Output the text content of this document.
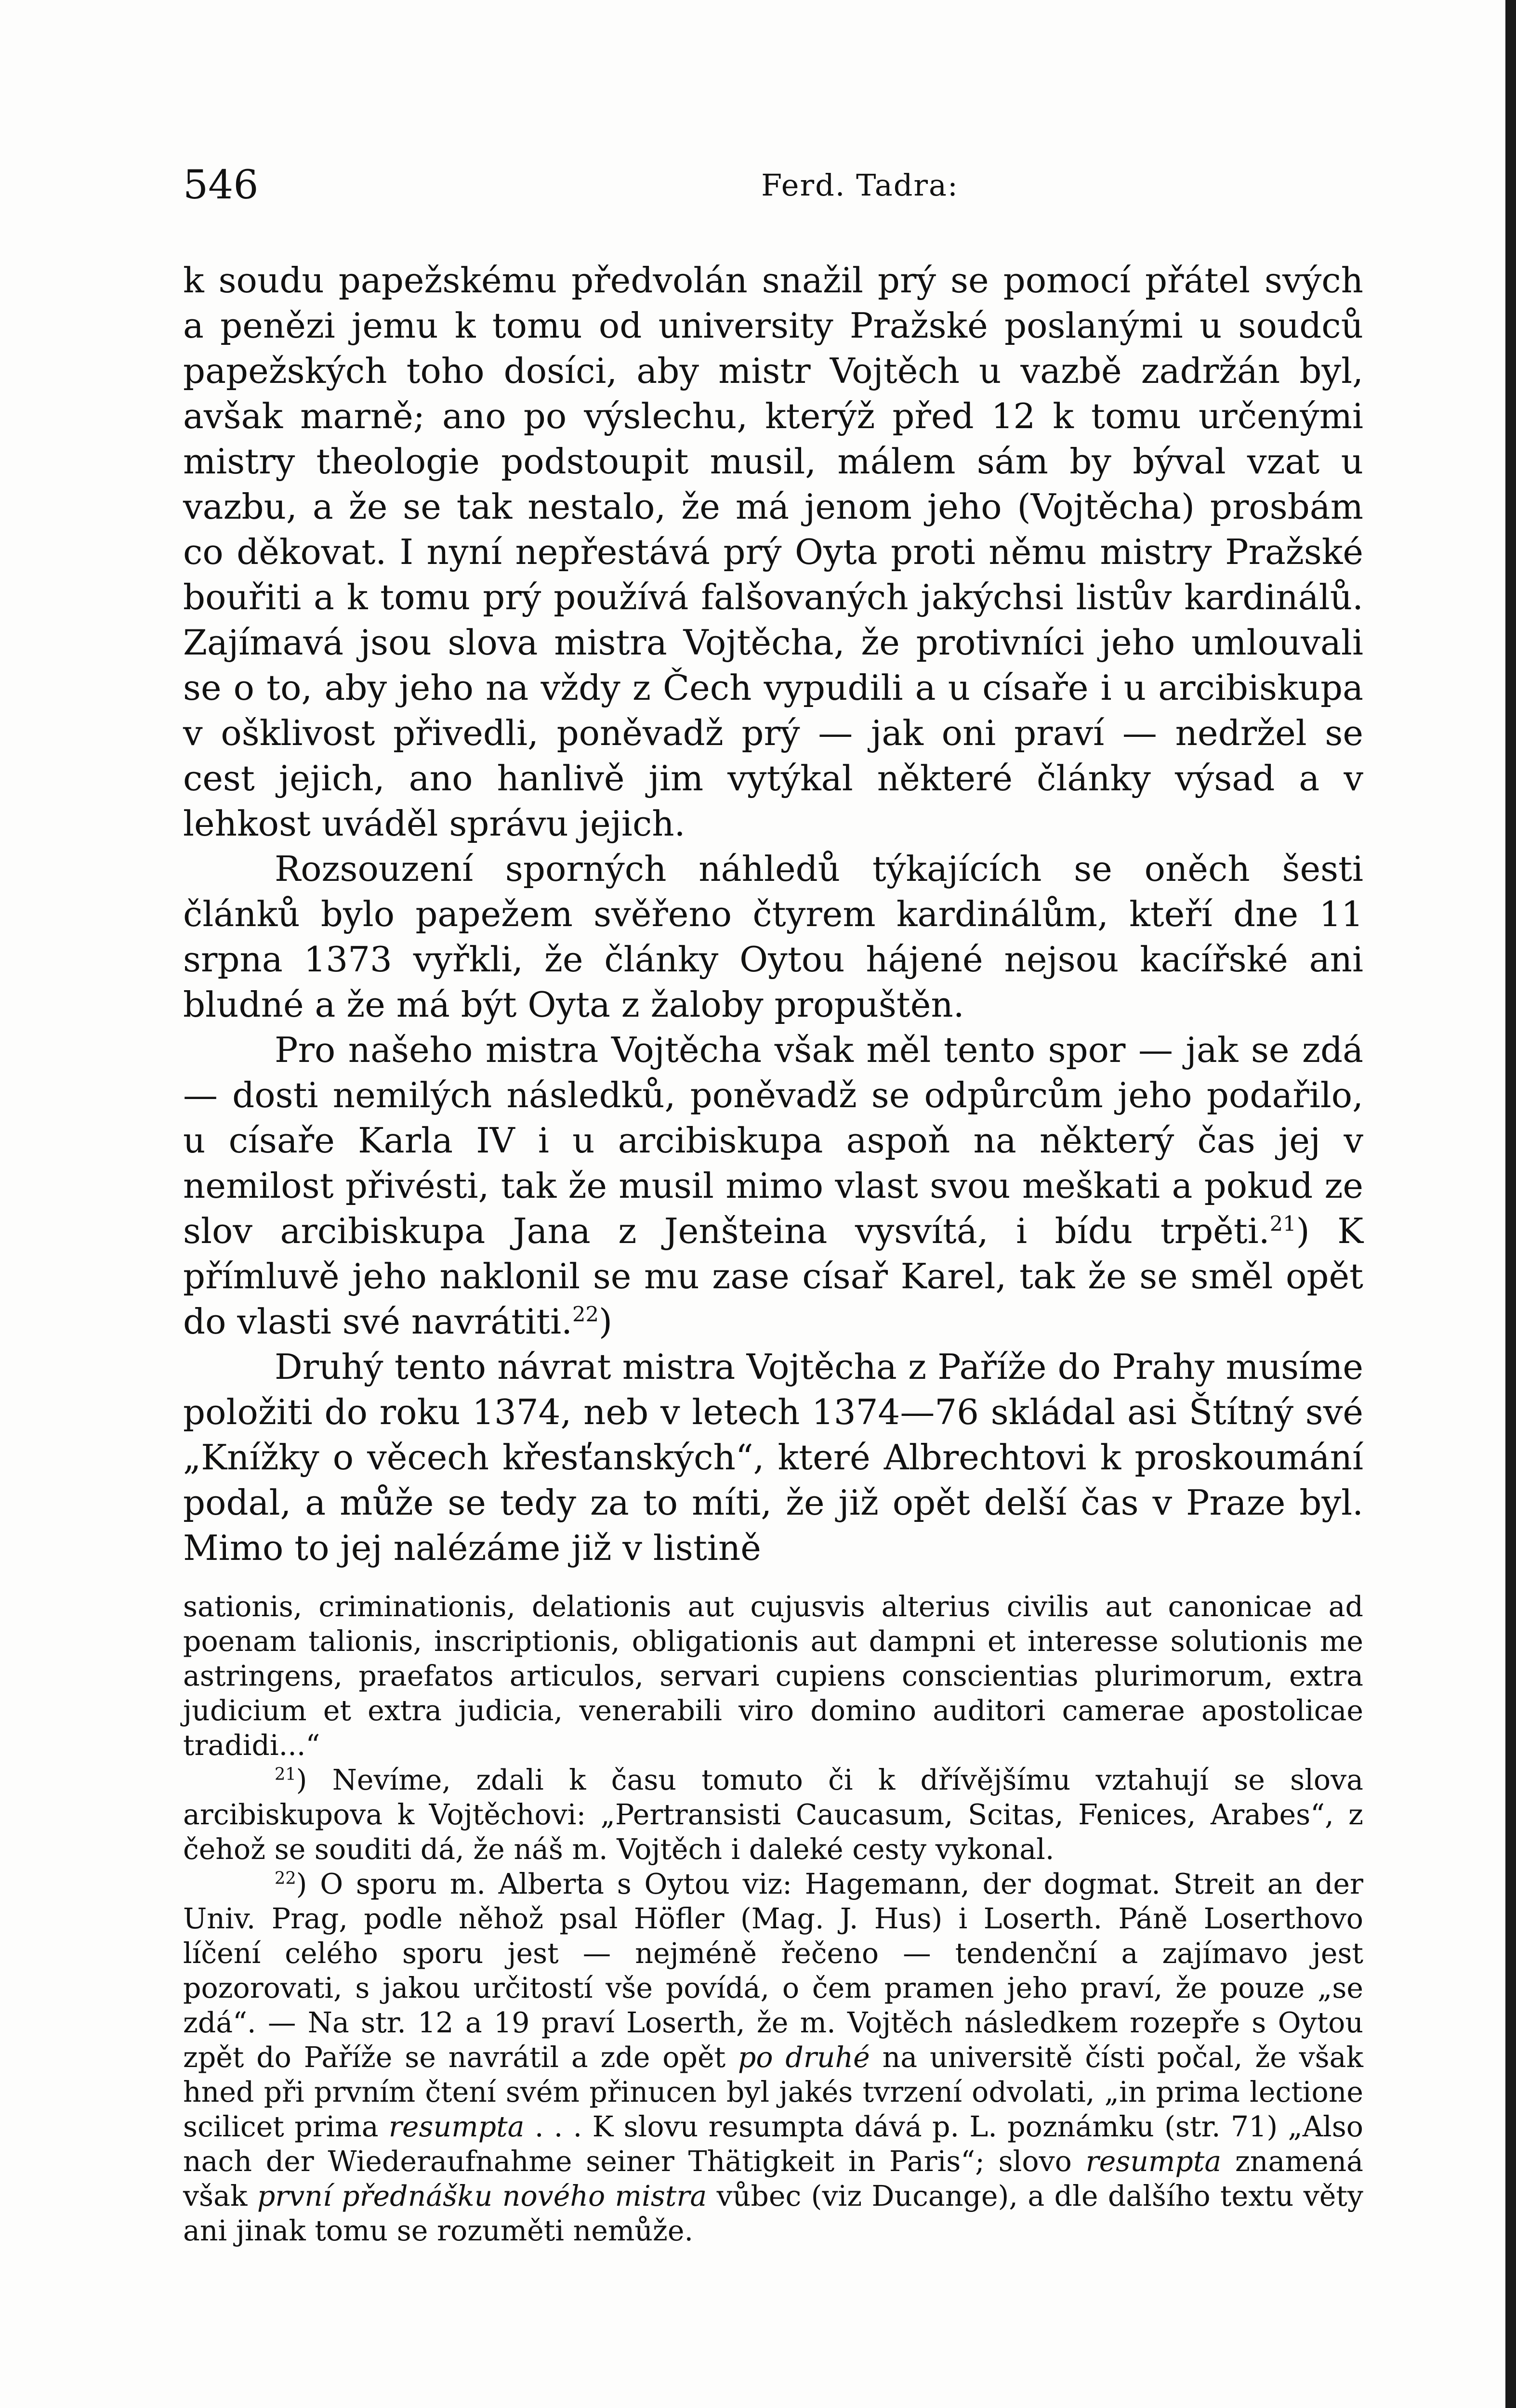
546	Ferd. Tadra:

k soudu papežskému předvolán snažil prý se pomocí přátel svých a penězi jemu k tomu od university Pražské poslanými u soudců papežských toho dosíci, aby mistr Vojtěch u vazbě zadržán byl, avšak marně; ano po výslechu, kterýž před 12 k tomu určenými mistry theologie podstoupit musil, málem sám by býval vzat u vazbu, a že se tak nestalo, že má jenom jeho (Vojtěcha) prosbám co děkovat. I nyní nepřestává prý Oyta proti němu mistry Pražské bouřiti a k tomu prý používá falšovaných jakýchsi listův kardinálů. Zajímavá jsou slova mistra Vojtěcha, že protivníci jeho umlouvali se o to, aby jeho na vždy z Čech vypudili a u císaře i u arcibiskupa v ošklivost přivedli, poněvadž prý — jak oni praví — nedržel se cest jejich, ano hanlivě jim vytýkal některé články výsad a v lehkost uváděl správu jejich.

Rozsouzení sporných náhledů týkajících se oněch šesti článků bylo papežem svěřeno čtyrem kardinálům, kteří dne 11 srpna 1373 vyřkli, že články Oytou hájené nejsou kacířské ani bludné a že má být Oyta z žaloby propuštěn.

Pro našeho mistra Vojtěcha však měl tento spor — jak se zdá — dosti nemilých následků, poněvadž se odpůrcům jeho podařilo, u císaře Karla IV i u arcibiskupa aspoň na některý čas jej v nemilost přivésti, tak že musil mimo vlast svou meškati a pokud ze slov arcibiskupa Jana z Jenšteina vysvítá, i bídu trpěti.$^{21}$) K přímluvě jeho naklonil se mu zase císař Karel, tak že se směl opět do vlasti své navrátiti.$^{22}$)

Druhý tento návrat mistra Vojtěcha z Paříže do Prahy musíme položiti do roku 1374, neb v letech 1374—76 skládal asi Štítný své „Knížky o věcech křesťanských“, které Albrechtovi k proskoumání podal, a může se tedy za to míti, že již opět delší čas v Praze byl. Mimo to jej nalézáme již v listině

sationis, criminationis, delationis aut cujusvis alterius civilis aut canonicae ad poenam talionis, inscriptionis, obligationis aut dampni et interesse solutionis me astringens, praefatos articulos, servari cupiens conscientias plurimorum, extra judicium et extra judicia, venerabili viro domino auditori camerae apostolicae tradidi...“

$^{21}$) Nevíme, zdali k času tomuto či k dřívějšímu vztahují se slova arcibiskupova k Vojtěchovi: „Pertransisti Caucasum, Scitas, Fenices, Arabes“, z čehož se souditi dá, že náš m. Vojtěch i daleké cesty vykonal.

$^{22}$) O sporu m. Alberta s Oytou viz: Hagemann, der dogmat. Streit an der Univ. Prag, podle něhož psal Höfler (Mag. J. Hus) i Loserth. Páně Loserthovo líčení celého sporu jest — nejméně řečeno — tendenční a zajímavo jest pozorovati, s jakou určitostí vše povídá, o čem pramen jeho praví, že pouze „se zdá“. — Na str. 12 a 19 praví Loserth, že m. Vojtěch následkem rozepře s Oytou zpět do Paříže se navrátil a zde opět po druhé na universitě čísti počal, že však hned při prvním čtení svém přinucen byl jakés tvrzení odvolati, „in prima lectione scilicet prima resumpta . . . K slovu resumpta dává p. L. poznámku (str. 71) „Also nach der Wiederaufnahme seiner Thätigkeit in Paris“; slovo resumpta znamená však první přednášku nového mistra vůbec (viz Ducange), a dle dalšího textu věty ani jinak tomu se rozuměti nemůže.
